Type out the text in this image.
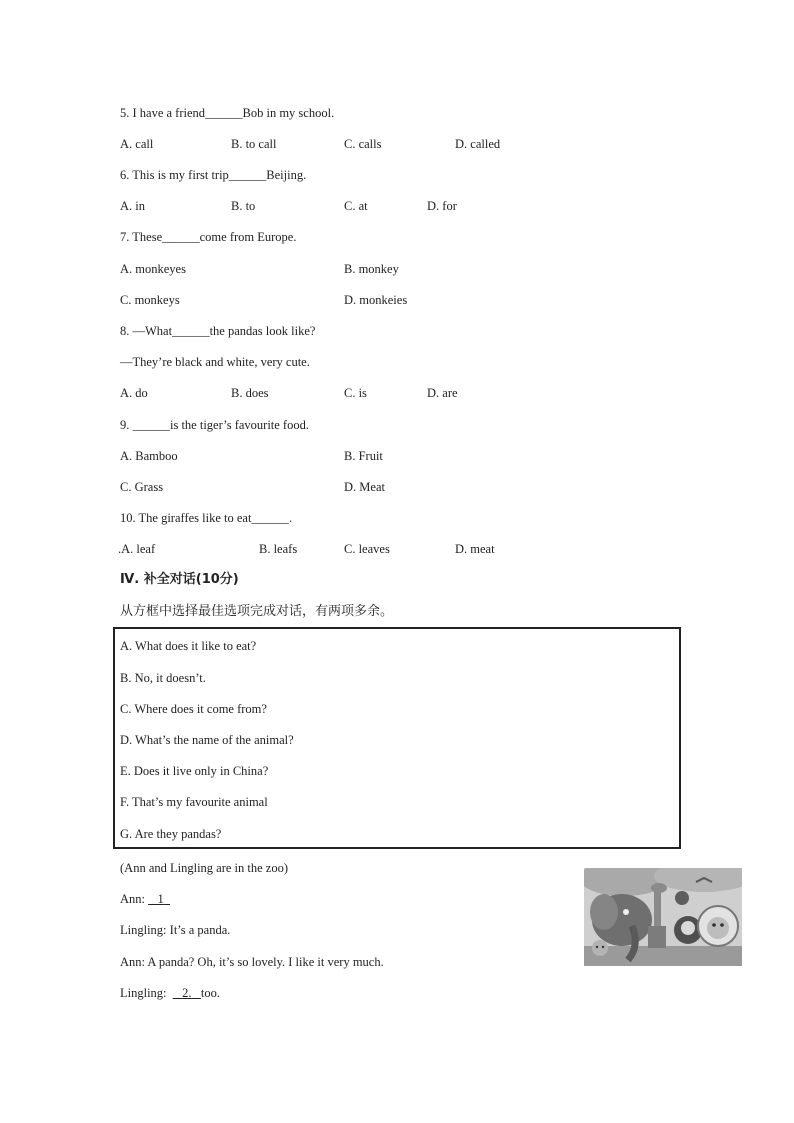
5. I have a friend______Bob in my school.
A. call	B. to call	C. calls	D. called
6. This is my first trip______Beijing.
A. in	B. to	C. at	D. for
7. These______come from Europe.
A. monkeyes	B. monkey
C. monkeys	D. monkeies
8. —What______the pandas look like?
—They’re black and white, very cute.
A. do	B. does	C. is	D. are
9. ______is the tiger’s favourite food.
A. Bamboo	B. Fruit
C. Grass	D. Meat
10. The giraffes like to eat______.
.A. leaf	B. leafs	C. leaves	D. meat
Ⅳ. 补全对话(10分)
从方框中选择最佳选项完成对话，有两项多余。
A. What does it like to eat?
B. No, it doesn’t.
C. Where does it come from?
D. What’s the name of the animal?
E. Does it live only in China?
F. That’s my favourite animal
G. Are they pandas?
(Ann and Lingling are in the zoo)
Ann: 1
Lingling: It’s a panda.
Ann: A panda? Oh, it’s so lovely. I like it very much.
Lingling: 2. too.
